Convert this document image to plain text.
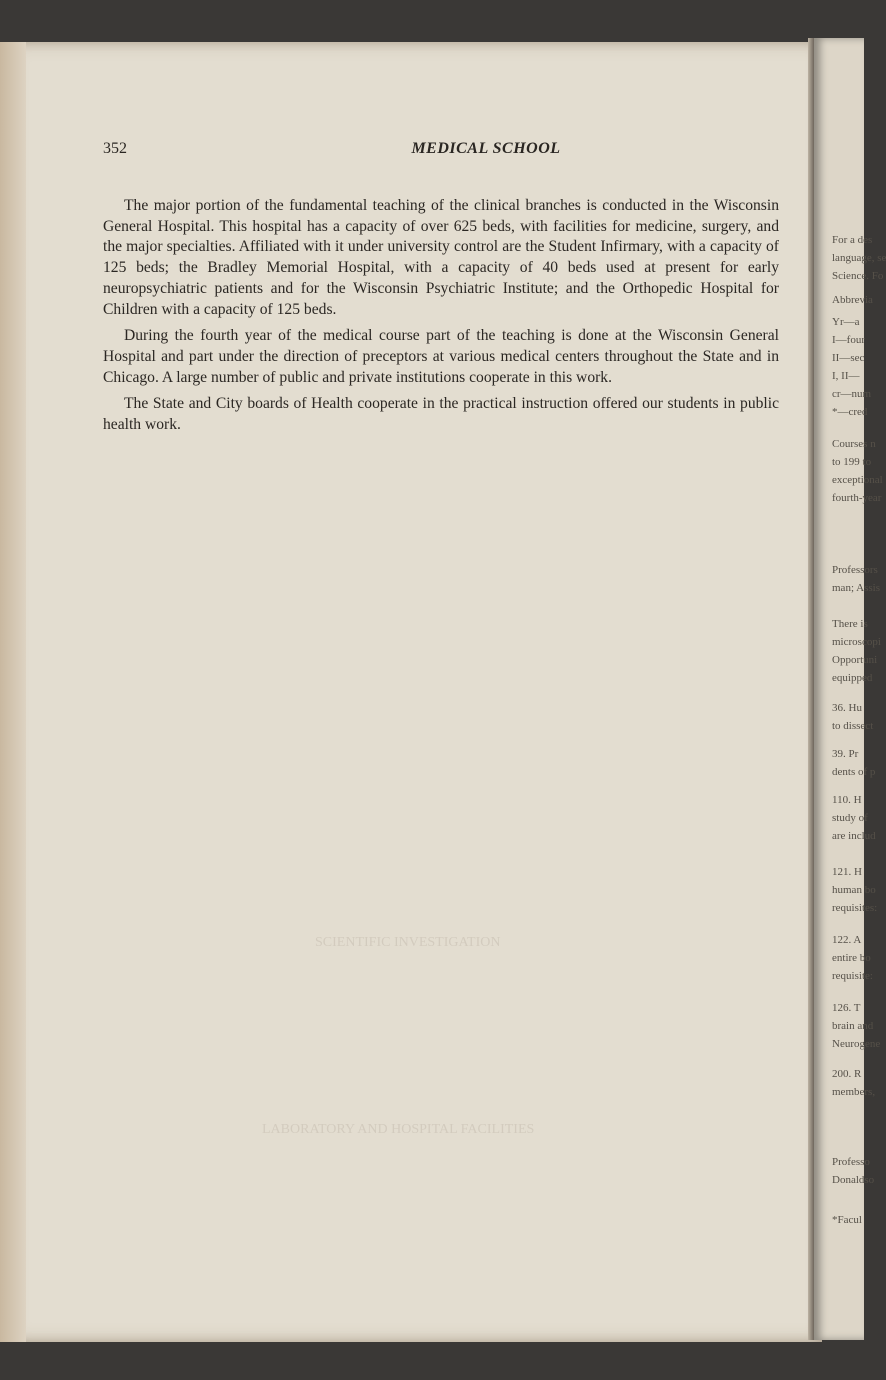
SCIENTIFIC INVESTIGATION
LABORATORY AND HOSPITAL FACILITIES
352	MEDICAL SCHOOL

The major portion of the fundamental teaching of the clinical branches is conducted in the Wisconsin General Hospital. This hospital has a capacity of over 625 beds, with facilities for medicine, surgery, and the major specialties. Affiliated with it under university control are the Student Infirmary, with a capacity of 125 beds; the Bradley Memorial Hospital, with a capacity of 40 beds used at present for early neuropsychiatric patients and for the Wisconsin Psychiatric Institute; and the Orthopedic Hospital for Children with a capacity of 125 beds.

During the fourth year of the medical course part of the teaching is done at the Wisconsin General Hospital and part under the direction of preceptors at various medical centers throughout the State and in Chicago. A large number of public and private institutions cooperate in this work.

The State and City boards of Health cooperate in the practical instruction offered our students in public health work.

For a des
language, se
Science. Fo
Abbrevia
Yr—a
I—four
II—sec
I, II—
cr—num
*—cred
Courses n
to 199 to
exceptional
fourth-year
Professors
man; Assis
There is
microscopi
Opportuni
equipped
36. Hu
to dissect
39. Pr
dents of p
110. H
study of
are includ
121. H
human bo
requisites:
122. A
entire bo
requisite:
126. T
brain and
Neurogene
200. R
members,
Professo
Donaldso
*Facul
